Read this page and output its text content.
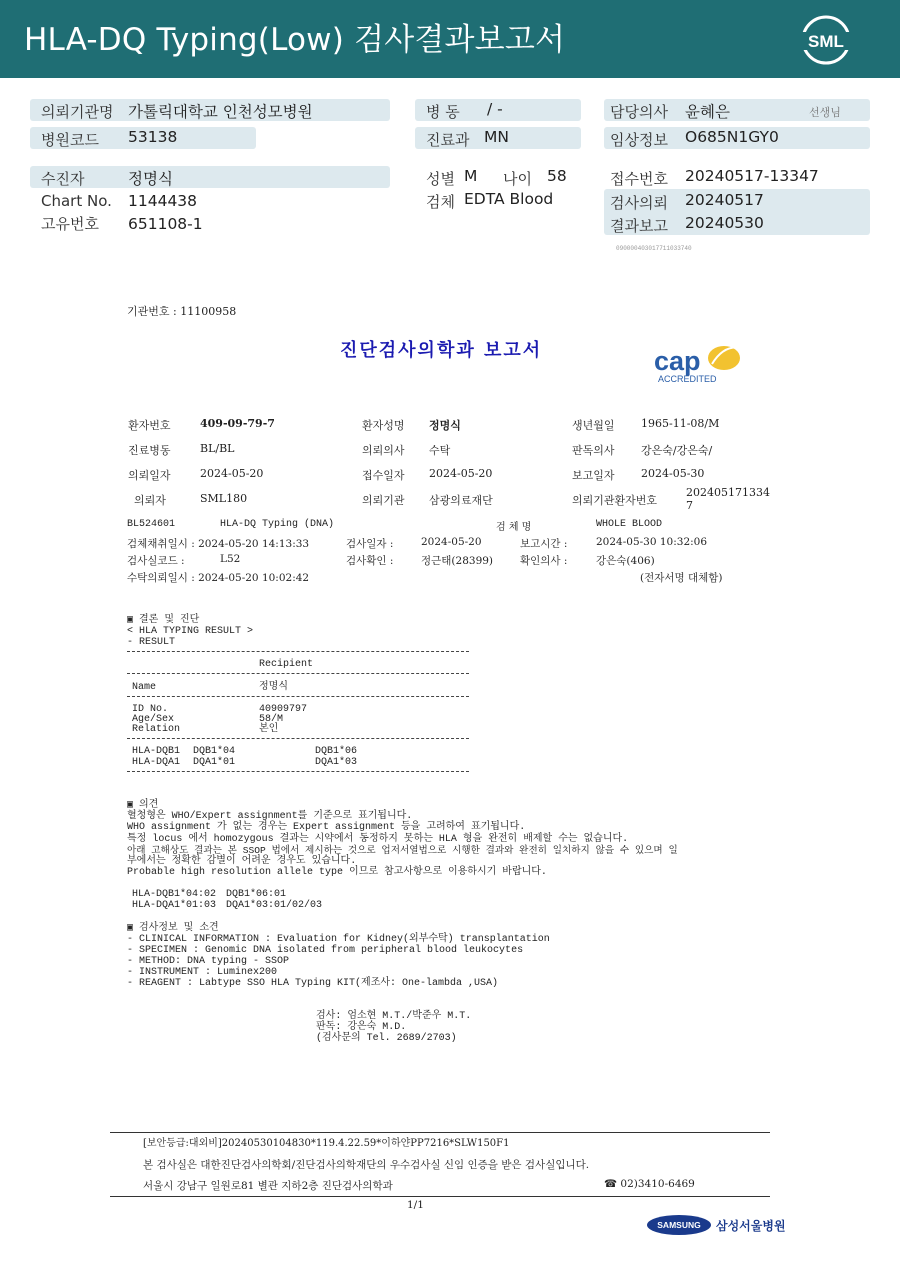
HLA-DQ Typing(Low) 검사결과보고서	SML
의뢰기관명 가톨릭대학교 인천성모병원
병원코드 53138
수진자	정명식
Chart No. 1144438
고유번호 651108-1
병 동 / -
진료과 MN
성별 M 나이 58
검체 EDTA Blood
담당의사 윤혜은	선생님
임상정보 O685N1GY0
접수번호 20240517-13347
검사의뢰 20240517
결과보고 20240530
090000403017711033740
기관번호 : 11100958
진단검사의학과 보고서	cap
ACCREDITED
환자번호	409-09-79-7	환자성명 정명식	생년월일 1965-11-08/M
진료병동	BL/BL	의뢰의사 수탁	판독의사 강은숙/강은숙/
의뢰일자	2024-05-20	접수일자 2024-05-20	보고일자 2024-05-30
의뢰자	SML180	의뢰기관 삼광의료재단	의뢰기관환자번호
202405171334
7
BL524601	HLA-DQ Typing (DNA)	검 체 명	WHOLE BLOOD
검체채취일시 : 2024-05-20 14:13:33	검사일자 :	2024-05-20	보고시간 :	2024-05-30 10:32:06
검사실코드 :	L52	검사확인 :	정근태(28399)	확인의사 :	강은숙(406)
수탁의뢰일시 : 2024-05-20 10:02:42	(전자서명 대체함)
▣ 결론 및 진단
< HLA TYPING RESULT >
- RESULT
Recipient
Name	정명식
ID No.	40909797
Age/Sex	58/M
Relation	본인
HLA-DQB1 DQB1*04	DQB1*06
HLA-DQA1 DQA1*01	DQA1*03
▣ 의견
혈청형은 WHO/Expert assignment를 기준으로 표기됩니다.
WHO assignment 가 없는 경우는 Expert assignment 등을 고려하여 표기됩니다.
특정 locus 에서 homozygous 결과는 시약에서 동정하지 못하는 HLA 형을 완전히 배제할 수는 없습니다.
아래 고해상도 결과는 본 SSOP 법에서 제시하는 것으로 업저서열법으로 시행한 결과와 완전히 일치하지 않을 수 있으며 일
부에서는 정확한 감별이 어려운 경우도 있습니다.
Probable high resolution allele type 이므로 참고사항으로 이용하시기 바랍니다.
HLA-DQB1*04:02 DQB1*06:01
HLA-DQA1*01:03 DQA1*03:01/02/03
▣ 검사정보 및 소견
- CLINICAL INFORMATION : Evaluation for Kidney(외부수탁) transplantation
- SPECIMEN : Genomic DNA isolated from peripheral blood leukocytes
- METHOD: DNA typing - SSOP
- INSTRUMENT : Luminex200
- REAGENT : Labtype SSO HLA Typing KIT(제조사: One-lambda ,USA)
검사: 엄소현 M.T./박준우 M.T.
판독: 강은숙 M.D.
(검사문의 Tel. 2689/2703)
[보안등급:대외비]20240530104830*119.4.22.59*이하얀PP7216*SLW150F1
본 검사실은 대한진단검사의학회/진단검사의학재단의 우수검사실 신임 인증을 받은 검사실입니다.
서울시 강남구 일원로81 별관 지하2층 진단검사의학과	☎ 02)3410-6469
1/1
SAMSUNG 삼성서울병원
